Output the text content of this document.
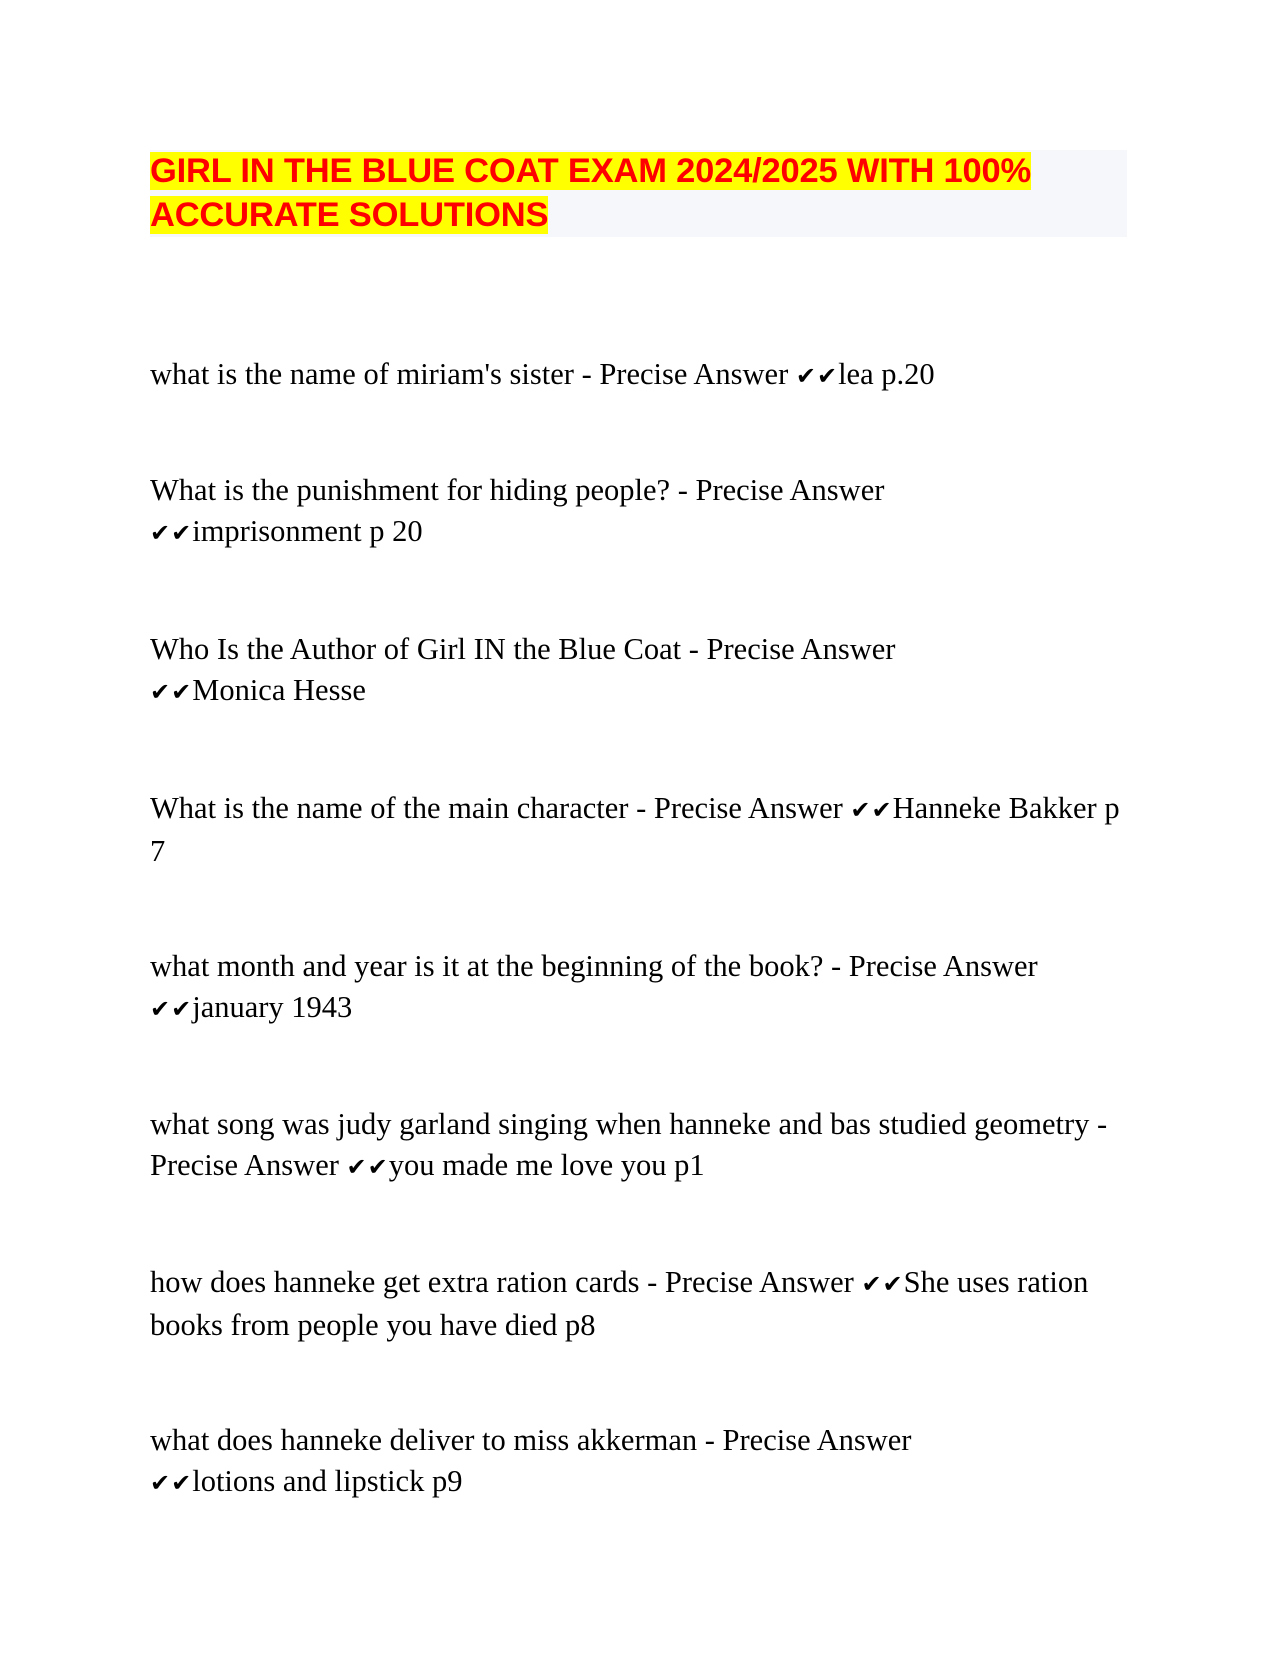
GIRL IN THE BLUE COAT EXAM 2024/2025 WITH 100% ACCURATE SOLUTIONS

what is the name of miriam's sister - Precise Answer ✔✔lea p.20

What is the punishment for hiding people? - Precise Answer
✔✔imprisonment p 20

Who Is the Author of Girl IN the Blue Coat - Precise Answer
✔✔Monica Hesse

What is the name of the main character - Precise Answer ✔✔Hanneke Bakker p 7

what month and year is it at the beginning of the book? - Precise Answer
✔✔january 1943

what song was judy garland singing when hanneke and bas studied geometry - Precise Answer ✔✔you made me love you p1

how does hanneke get extra ration cards - Precise Answer ✔✔She uses ration books from people you have died p8

what does hanneke deliver to miss akkerman - Precise Answer
✔✔lotions and lipstick p9
